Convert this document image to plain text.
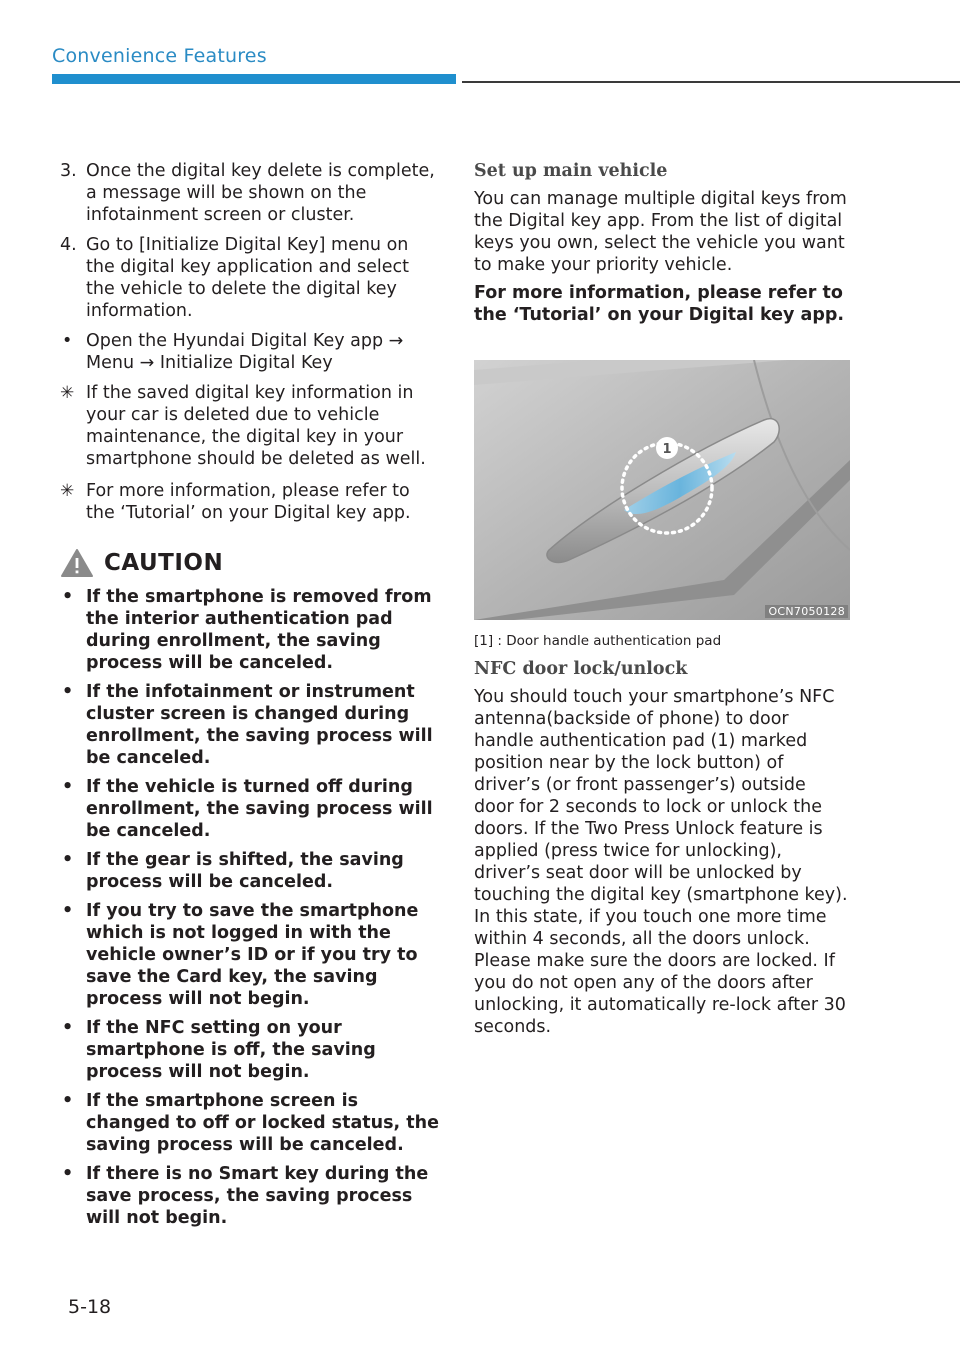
Convenience Features
3. Once the digital key delete is complete, a message will be shown on the infotainment screen or cluster.
4. Go to [Initialize Digital Key] menu on the digital key application and select the vehicle to delete the digital key information.
• Open the Hyundai Digital Key app → Menu → Initialize Digital Key
✳ If the saved digital key information in your car is deleted due to vehicle maintenance, the digital key in your smartphone should be deleted as well.
✳ For more information, please refer to the ‘Tutorial’ on your Digital key app.
CAUTION
• If the smartphone is removed from the interior authentication pad during enrollment, the saving process will be canceled.
• If the infotainment or instrument cluster screen is changed during enrollment, the saving process will be canceled.
• If the vehicle is turned off during enrollment, the saving process will be canceled.
• If the gear is shifted, the saving process will be canceled.
• If you try to save the smartphone which is not logged in with the vehicle owner’s ID or if you try to save the Card key, the saving process will not begin.
• If the NFC setting on your smartphone is off, the saving process will not begin.
• If the smartphone screen is changed to off or locked status, the saving process will be canceled.
• If there is no Smart key during the save process, the saving process will not begin.
Set up main vehicle

You can manage multiple digital keys from the Digital key app. From the list of digital keys you own, select the vehicle you want to make your priority vehicle.

For more information, please refer to the ‘Tutorial’ on your Digital key app.

1
OCN7050128
[1] : Door handle authentication pad
NFC door lock/unlock

You should touch your smartphone’s NFC antenna(backside of phone) to door handle authentication pad (1) marked position near by the lock button) of driver’s (or front passenger’s) outside door for 2 seconds to lock or unlock the doors. If the Two Press Unlock feature is applied (press twice for unlocking), driver’s seat door will be unlocked by touching the digital key (smartphone key). In this state, if you touch one more time within 4 seconds, all the doors unlock. Please make sure the doors are locked. If you do not open any of the doors after unlocking, it automatically re-lock after 30 seconds.

5-18
